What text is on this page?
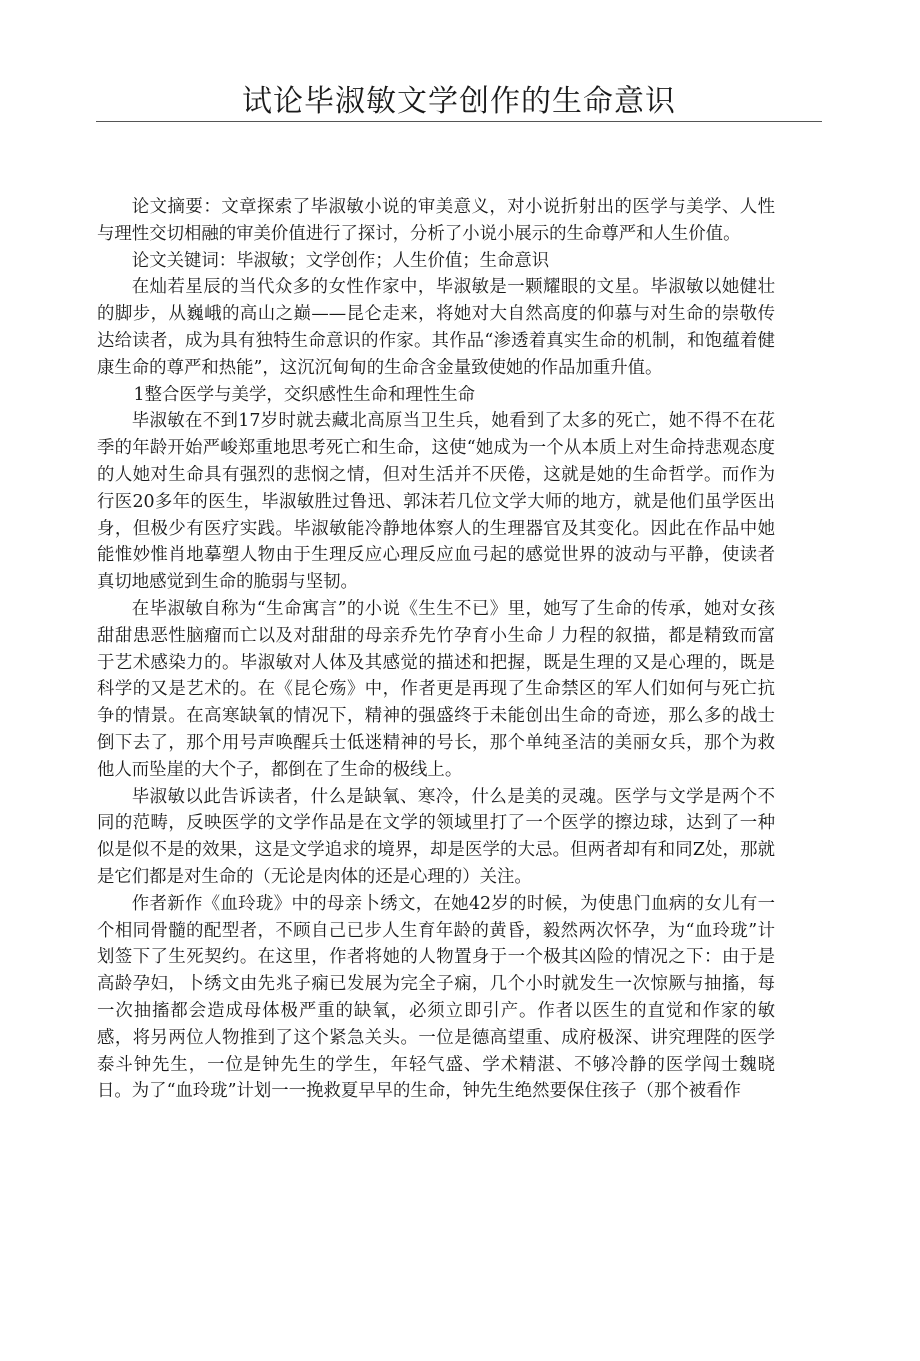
试论毕淑敏文学创作的生命意识

论文摘要：文章探索了毕淑敏小说的审美意义，对小说折射出的医学与美学、人性与理性交切相融的审美价值进行了探讨，分析了小说小展示的生命尊严和人生价值。

论文关键词：毕淑敏；文学创作；人生价值；生命意识

在灿若星辰的当代众多的女性作家中，毕淑敏是一颗耀眼的文星。毕淑敏以她健壮的脚步，从巍峨的高山之巅——昆仑走来，将她对大自然高度的仰慕与对生命的崇敬传达给读者，成为具有独特生命意识的作家。其作品“渗透着真实生命的机制，和饱蕴着健康生命的尊严和热能”，这沉沉甸甸的生命含金量致使她的作品加重升值。

1整合医学与美学，交织感性生命和理性生命

毕淑敏在不到17岁时就去藏北高原当卫生兵，她看到了太多的死亡，她不得不在花季的年龄开始严峻郑重地思考死亡和生命，这使“她成为一个从本质上对生命持悲观态度的人她对生命具有强烈的悲悯之情，但对生活并不厌倦，这就是她的生命哲学。而作为行医20多年的医生，毕淑敏胜过鲁迅、郭沫若几位文学大师的地方，就是他们虽学医出身，但极少有医疗实践。毕淑敏能冷静地体察人的生理器官及其变化。因此在作品中她能惟妙惟肖地摹塑人物由于生理反应心理反应血弓起的感觉世界的波动与平静，使读者真切地感觉到生命的脆弱与坚韧。

在毕淑敏自称为“生命寓言”的小说《生生不已》里，她写了生命的传承，她对女孩甜甜患恶性脑瘤而亡以及对甜甜的母亲乔先竹孕育小生命丿力程的叙描，都是精致而富于艺术感染力的。毕淑敏对人体及其感觉的描述和把握，既是生理的又是心理的，既是科学的又是艺术的。在《昆仑殇》中，作者更是再现了生命禁区的军人们如何与死亡抗争的情景。在高寒缺氧的情况下，精神的强盛终于未能创出生命的奇迹，那么多的战士倒下去了，那个用号声唤醒兵士低迷精神的号长，那个单纯圣洁的美丽女兵，那个为救他人而坠崖的大个子，都倒在了生命的极线上。

毕淑敏以此告诉读者，什么是缺氧、寒冷，什么是美的灵魂。医学与文学是两个不同的范畴，反映医学的文学作品是在文学的领域里打了一个医学的擦边球，达到了一种似是似不是的效果，这是文学追求的境界，却是医学的大忌。但两者却有和同Z处，那就是它们都是对生命的（无论是肉体的还是心理的）关注。

作者新作《血玲珑》中的母亲卜绣文，在她42岁的时候，为使患门血病的女儿有一个相同骨髓的配型者，不顾自己已步人生育年龄的黄昏，毅然两次怀孕，为“血玲珑”计划签下了生死契约。在这里，作者将她的人物置身于一个极其凶险的情况之下：由于是高龄孕妇，卜绣文由先兆子痫已发展为完全子痫，几个小时就发生一次惊厥与抽搐，每一次抽搐都会造成母体极严重的缺氧，必须立即引产。作者以医生的直觉和作家的敏感，将另两位人物推到了这个紧急关头。一位是德高望重、成府极深、讲究理陛的医学泰斗钟先生，一位是钟先生的学生，年轻气盛、学术精湛、不够冷静的医学闯士魏晓日。为了“血玲珑”计划一一挽救夏早早的生命，钟先生绝然要保住孩子（那个被看作
